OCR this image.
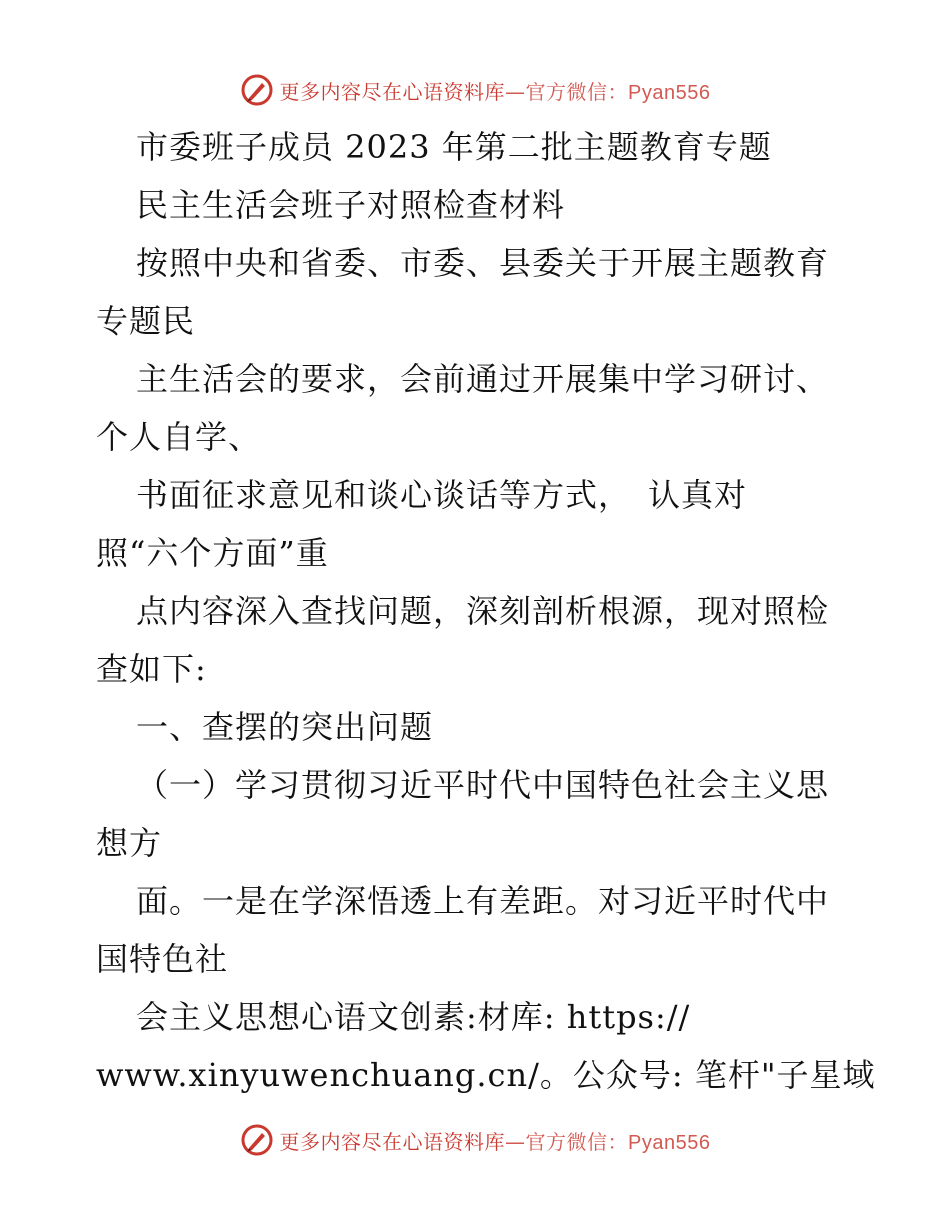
更多内容尽在心语资料库—官方微信：Pyan556
市委班子成员 2023 年第二批主题教育专题
民主生活会班子对照检查材料
按照中央和省委、市委、县委关于开展主题教育
专题民
主生活会的要求，会前通过开展集中学习研讨、
个人自学、
书面征求意见和谈心谈话等方式，　认真对
照“六个方面”重
点内容深入查找问题，深刻剖析根源，现对照检
查如下:
一、查摆的突出问题
（一）学习贯彻习近平时代中国特色社会主义思
想方
面。一是在学深悟透上有差距。对习近平时代中
国特色社
会主义思想心语文创素:材库: https://
www.xinyuwenchuang.cn/。公众号: 笔杆"子星域
更多内容尽在心语资料库—官方微信：Pyan556
